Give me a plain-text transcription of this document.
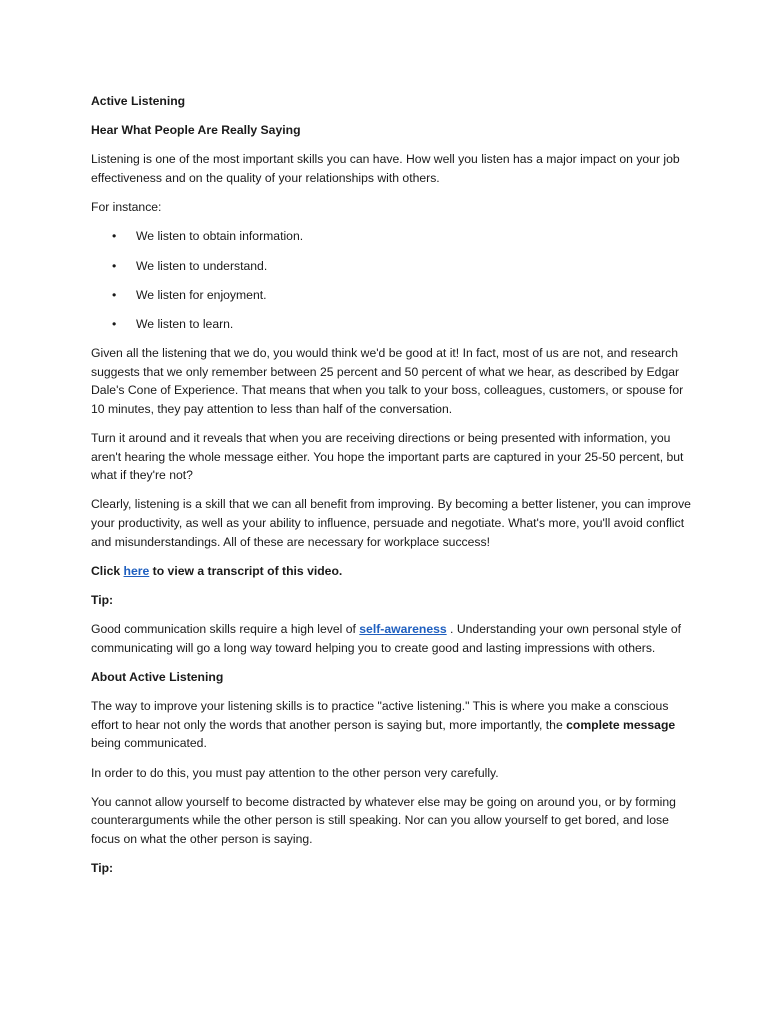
Active Listening

Hear What People Are Really Saying

Listening is one of the most important skills you can have. How well you listen has a major impact on your job effectiveness and on the quality of your relationships with others.

For instance:

• We listen to obtain information.
• We listen to understand.
• We listen for enjoyment.
• We listen to learn.

Given all the listening that we do, you would think we'd be good at it! In fact, most of us are not, and research suggests that we only remember between 25 percent and 50 percent of what we hear, as described by Edgar Dale's Cone of Experience. That means that when you talk to your boss, colleagues, customers, or spouse for 10 minutes, they pay attention to less than half of the conversation.

Turn it around and it reveals that when you are receiving directions or being presented with information, you aren't hearing the whole message either. You hope the important parts are captured in your 25-50 percent, but what if they're not?

Clearly, listening is a skill that we can all benefit from improving. By becoming a better listener, you can improve your productivity, as well as your ability to influence, persuade and negotiate. What's more, you'll avoid conflict and misunderstandings. All of these are necessary for workplace success!

Click here to view a transcript of this video.

Tip:

Good communication skills require a high level of self-awareness . Understanding your own personal style of communicating will go a long way toward helping you to create good and lasting impressions with others.

About Active Listening

The way to improve your listening skills is to practice "active listening." This is where you make a conscious effort to hear not only the words that another person is saying but, more importantly, the complete message being communicated.

In order to do this, you must pay attention to the other person very carefully.

You cannot allow yourself to become distracted by whatever else may be going on around you, or by forming counterarguments while the other person is still speaking. Nor can you allow yourself to get bored, and lose focus on what the other person is saying.

Tip:
